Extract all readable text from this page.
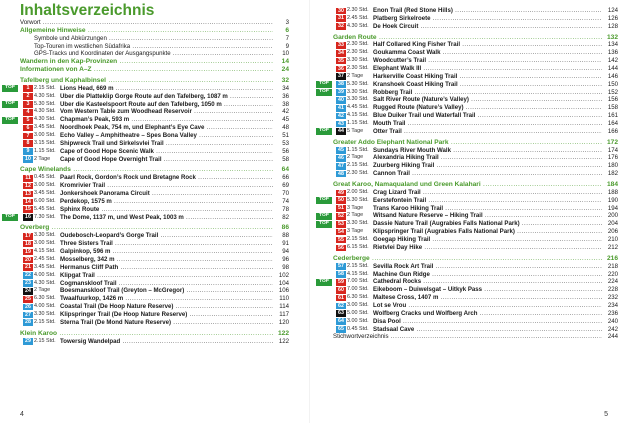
Inhaltsverzeichnis
Vorwort .....	3
Allgemeine Hinweise .....	6
Symbole und Abkürzungen .....	7
Top-Touren im westlichen Südafrika .....	9
GPS-Tracks und Koordinaten der Ausgangspunkte .....	10
Wandern in den Kap-Provinzen .....	14
Informationen von A–Z .....	24
Tafelberg und Kaphalbinsel .....	32
TOP	1 2.15 Std. Lions Head, 669 m .....	34
2 4.30 Std. Über die Platteklip Gorge Route auf den Tafelberg, 1087 m .....	36
TOP	3 5.30 Std. Über die Kasteelspoort Route auf den Tafelberg, 1050 m .....	38
4 4.30 Std. Vom Western Table zum Woodhead Reservoir .....	42
TOP	5 4.30 Std. Chapman’s Peak, 593 m .....	45
6 3.45 Std. Noordhoek Peak, 754 m, und Elephant’s Eye Cave .....	48
7 3.00 Std. Echo Valley – Amphitheatre – Spes Bona Valley .....	51
8 3.15 Std. Shipwreck Trail und Sirkelsvlei Trail .....	53
9 1.15 Std. Cape of Good Hope Scenic Walk .....	56
10 2 Tage Cape of Good Hope Overnight Trail .....	58
Cape Winelands .....	64
11 0.45 Std. Paarl Rock, Gordon’s Rock und Bretagne Rock .....	66
12 3.00 Std. Kromrivier Trail .....	69
13 3.45 Std. Jonkershoek Panorama Circuit .....	70
14 6.00 Std. Perdekop, 1575 m .....	74
15 5.45 Std. Sphinx Route .....	78
TOP	16 7.30 Std. The Dome, 1137 m, und West Peak, 1003 m .....	82
Overberg .....	86
17 3.30 Std. Oudebosch-Leopard’s Gorge Trail .....	88
18 3.00 Std. Three Sisters Trail .....	91
19 4.15 Std. Galpinkop, 596 m .....	94
20 2.45 Std. Mosselberg, 342 m .....	96
21 3.45 Std. Hermanus Cliff Path .....	98
22 4.00 Std. Klipgat Trail .....	102
23 4.30 Std. Cogmanskloof Trail .....	104
24 2 Tage Boesmanskloof Trail (Greyton – McGregor) .....	106
25 6.30 Std. Twaalfuurkop, 1426 m .....	110
26 4.00 Std. Coastal Trail (De Hoop Nature Reserve) .....	114
27 3.30 Std. Klipspringer Trail (De Hoop Nature Reserve) .....	117
28 2.15 Std. Sterna Trail (De Mond Nature Reserve) .....	120
Klein Karoo .....	122
29 2.15 Std. Towersig Wandelpad .....	122
4
30 2.30 Std. Enon Trail (Red Stone Hills) .....	124
31 2.45 Std. Platberg Sirkelroete .....	126
32 4.30 Std. De Hoek Circuit .....	128
Garden Route .....	132
33 2.30 Std. Half Collared King Fisher Trail .....	134
34 2.30 Std. Goukamma Coast Walk .....	136
35 3.30 Std. Woodcutter’s Trail .....	142
36 2.30 Std. Elephant Walk III .....	144
37 2 Tage Harkerville Coast Hiking Trail .....	146
TOP	38 5.30 Std. Kranshoek Coast Hiking Trail .....	150
TOP	39 3.30 Std. Robberg Trail .....	152
40 3.30 Std. Salt River Route (Nature’s Valley) .....	156
41 4.45 Std. Rugged Route (Nature’s Valley) .....	158
42 4.15 Std. Blue Duiker Trail und Waterfall Trail .....	161
43 1.15 Std. Mouth Trail .....	164
TOP	44 5 Tage Otter Trail .....	166
Greater Addo Elephant National Park .....	172
45 1.15 Std. Sundays River Mouth Walk .....	174
46 2 Tage Alexandria Hiking Trail .....	176
47 2.15 Std. Zuurberg Hiking Trail .....	180
48 2.30 Std. Cannon Trail .....	182
Great Karoo, Namaqualand und Green Kalahari .....	184
49 2.00 Std. Crag Lizard Trail .....	188
TOP	50 5.30 Std. Eerstefontein Trail .....	190
51 3 Tage Trans Karoo Hiking Trail .....	194
TOP	52 2 Tage Witsand Nature Reserve – Hiking Trail .....	200
TOP	53 3.30 Std. Dassie Nature Trail (Augrabies Falls National Park) .....	204
54 3 Tage Klipspringer Trail (Augrabies Falls National Park) .....	206
55 2.15 Std. Goegap Hiking Trail .....	210
56 6.15 Std. Rietvlei Day Hike .....	212
Cederberge .....	216
57 2.15 Std. Sevilla Rock Art Trail .....	218
58 4.15 Std. Machine Gun Ridge .....	220
TOP	59 7.00 Std. Cathedral Rocks .....	224
60 7.00 Std. Eikeboom – Duiwelsgat – Uitkyk Pass .....	228
61 6.30 Std. Maltese Cross, 1407 m .....	232
62 3.00 Std. Lot se Vrou .....	234
63 5.00 Std. Wolfberg Cracks und Wolfberg Arch .....	236
64 3.00 Std. Disa Pool .....	240
65 0.45 Std. Stadsaal Cave .....	242
Stichwortverzeichnis .....	244
5
